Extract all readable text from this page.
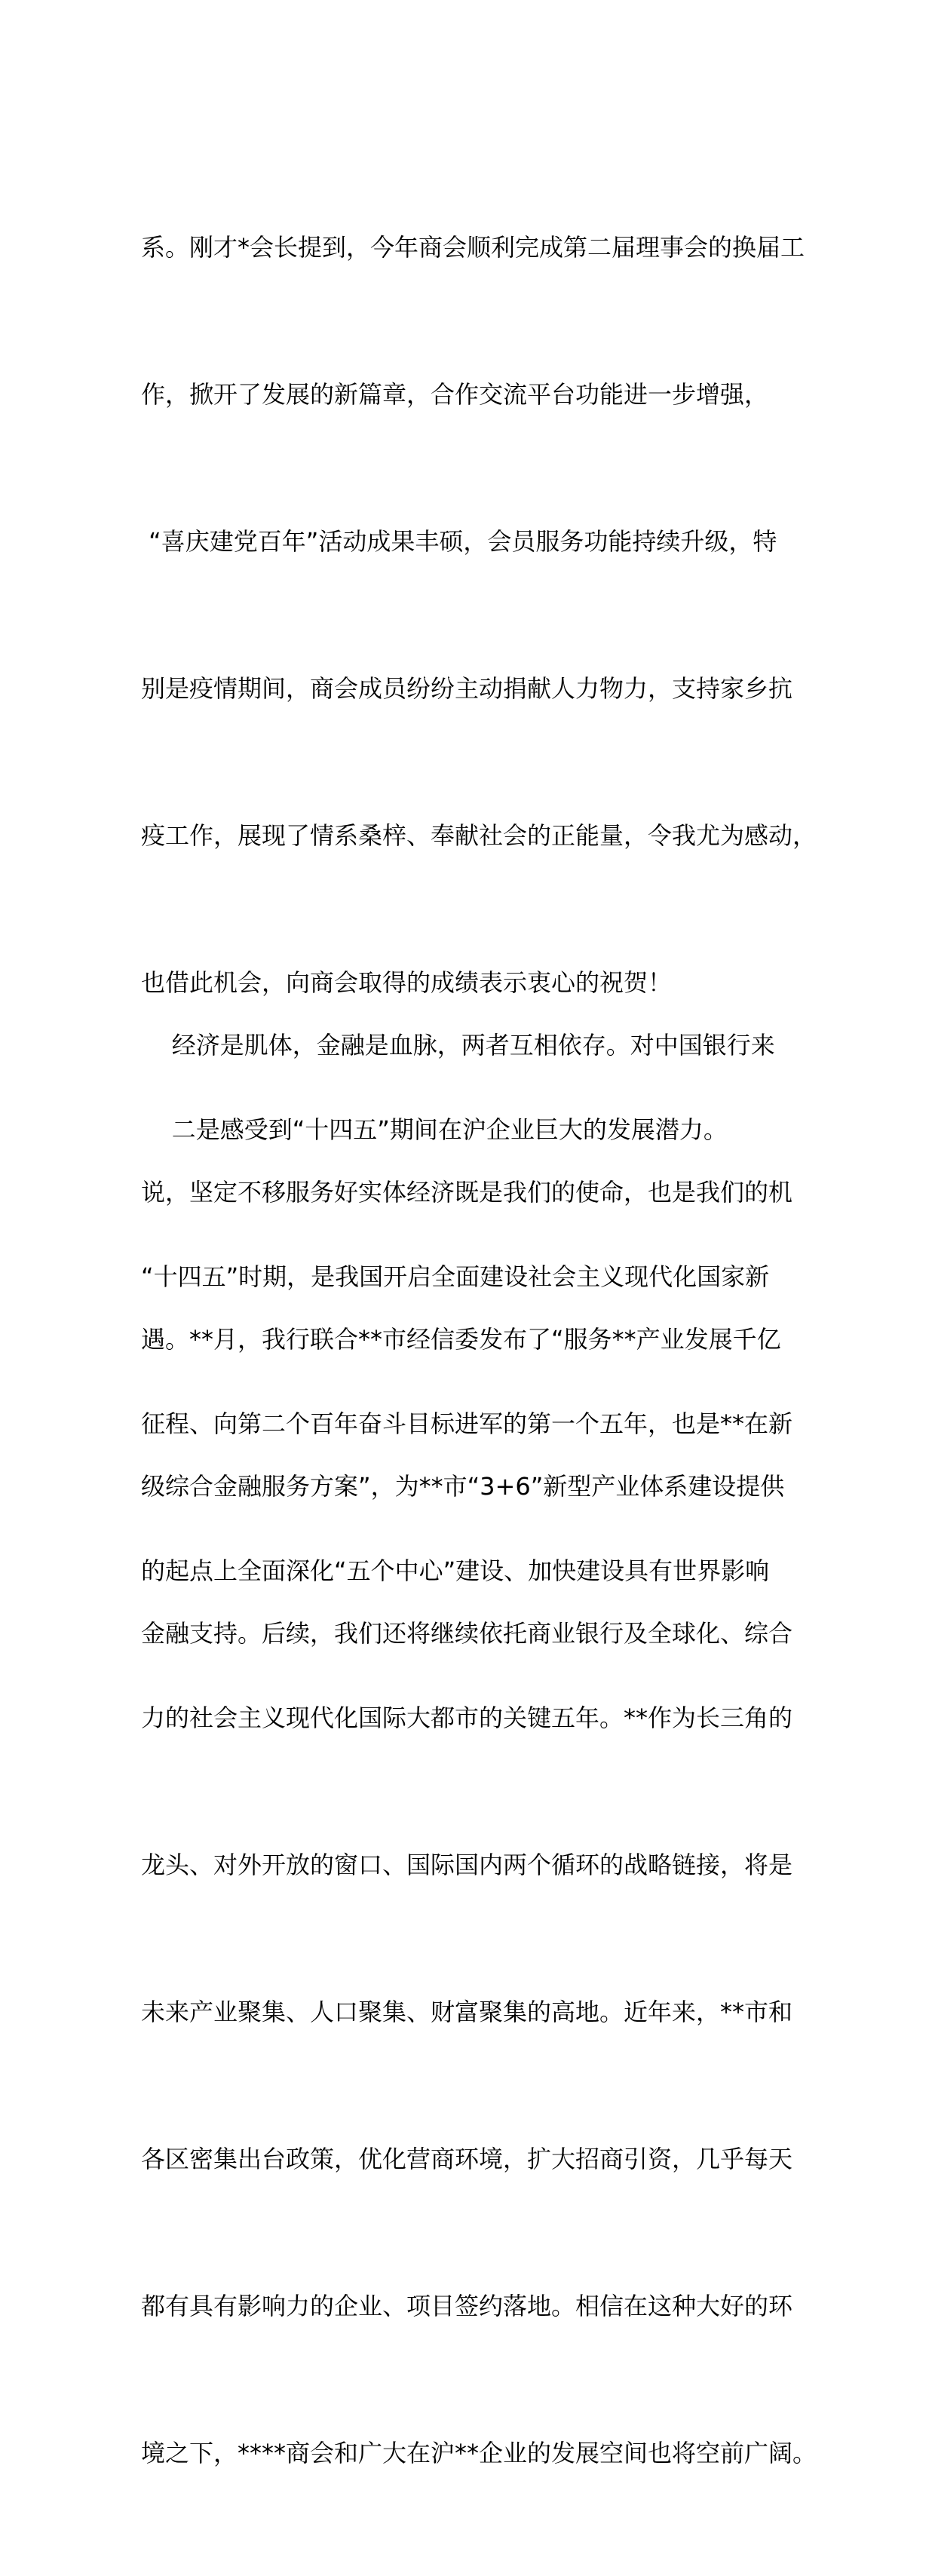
系。刚才*会长提到，今年商会顺利完成第二届理事会的换届工

作，掀开了发展的新篇章，合作交流平台功能进一步增强，

“喜庆建党百年”活动成果丰硕，会员服务功能持续升级，特

别是疫情期间，商会成员纷纷主动捐献人力物力，支持家乡抗

疫工作，展现了情系桑梓、奉献社会的正能量，令我尤为感动，

也借此机会，向商会取得的成绩表示衷心的祝贺！

二是感受到“十四五”期间在沪企业巨大的发展潜力。

“十四五”时期，是我国开启全面建设社会主义现代化国家新

征程、向第二个百年奋斗目标进军的第一个五年，也是**在新

的起点上全面深化“五个中心”建设、加快建设具有世界影响

力的社会主义现代化国际大都市的关键五年。**作为长三角的

龙头、对外开放的窗口、国际国内两个循环的战略链接，将是

未来产业聚集、人口聚集、财富聚集的高地。近年来，**市和

各区密集出台政策，优化营商环境，扩大招商引资，几乎每天

都有具有影响力的企业、项目签约落地。相信在这种大好的环

境之下，****商会和广大在沪**企业的发展空间也将空前广阔。

经济是肌体，金融是血脉，两者互相依存。对中国银行来

说，坚定不移服务好实体经济既是我们的使命，也是我们的机

遇。**月，我行联合**市经信委发布了“服务**产业发展千亿

级综合金融服务方案”，为**市“3+6”新型产业体系建设提供

金融支持。后续，我们还将继续依托商业银行及全球化、综合
